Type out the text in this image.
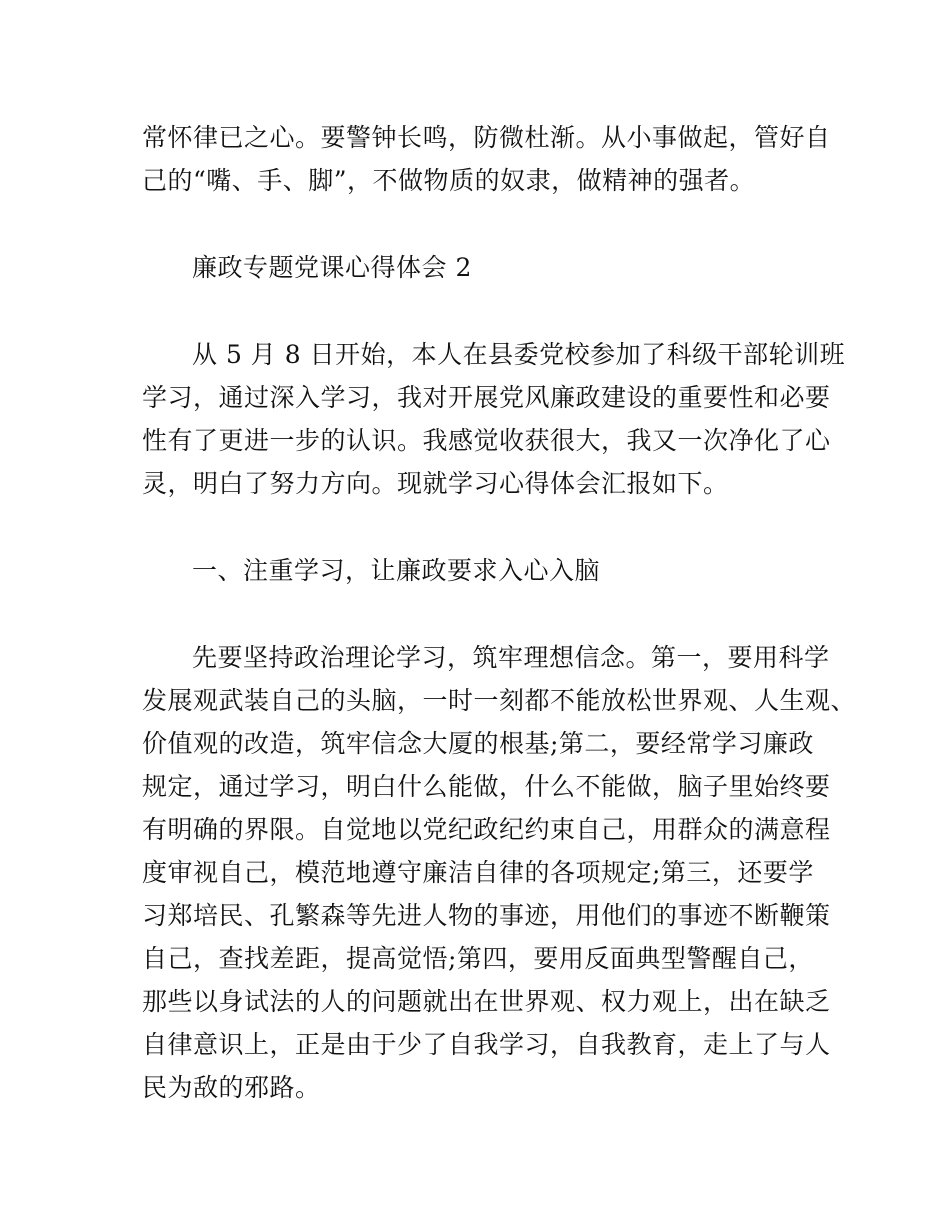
常怀律已之心。要警钟长鸣，防微杜渐。从小事做起，管好自
己的“嘴、手、脚”，不做物质的奴隶，做精神的强者。
廉政专题党课心得体会 2
从 5 月 8 日开始，本人在县委党校参加了科级干部轮训班
学习，通过深入学习，我对开展党风廉政建设的重要性和必要
性有了更进一步的认识。我感觉收获很大，我又一次净化了心
灵，明白了努力方向。现就学习心得体会汇报如下。
一、注重学习，让廉政要求入心入脑
先要坚持政治理论学习，筑牢理想信念。第一，要用科学
发展观武装自己的头脑，一时一刻都不能放松世界观、人生观、
价值观的改造，筑牢信念大厦的根基;第二，要经常学习廉政
规定，通过学习，明白什么能做，什么不能做，脑子里始终要
有明确的界限。自觉地以党纪政纪约束自己，用群众的满意程
度审视自己，模范地遵守廉洁自律的各项规定;第三，还要学
习郑培民、孔繁森等先进人物的事迹，用他们的事迹不断鞭策
自己，查找差距，提高觉悟;第四，要用反面典型警醒自己，
那些以身试法的人的问题就出在世界观、权力观上，出在缺乏
自律意识上，正是由于少了自我学习，自我教育，走上了与人
民为敌的邪路。
